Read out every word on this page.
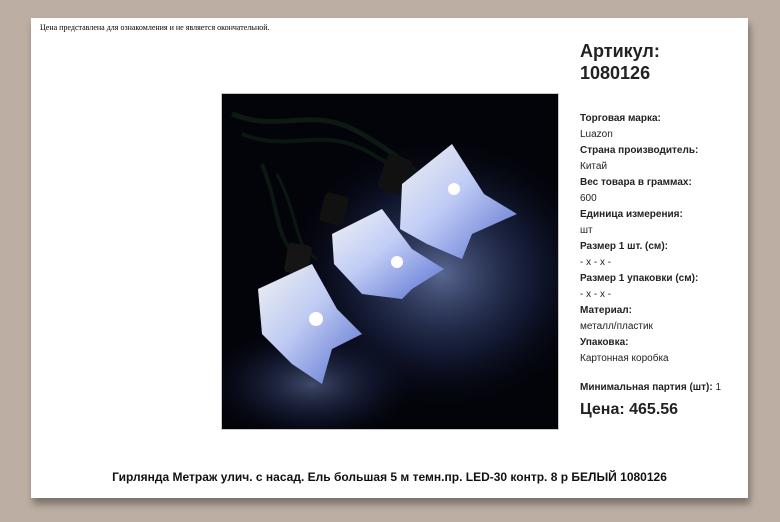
Цена представлена для ознакомления и не является окончательной.
Артикул:
1080126
Торговая марка:
Luazon
Страна производитель:
Китай
Вес товара в граммах:
600
Единица измерения:
шт
Размер 1 шт. (см):
- x - x -
Размер 1 упаковки (см):
- x - x -
Материал:
металл/пластик
Упаковка:
Картонная коробка
Минимальная партия (шт): 1
Цена: 465.56
Гирлянда Метраж улич. с насад. Ель большая 5 м темн.пр. LED-30 контр. 8 р БЕЛЫЙ 1080126
